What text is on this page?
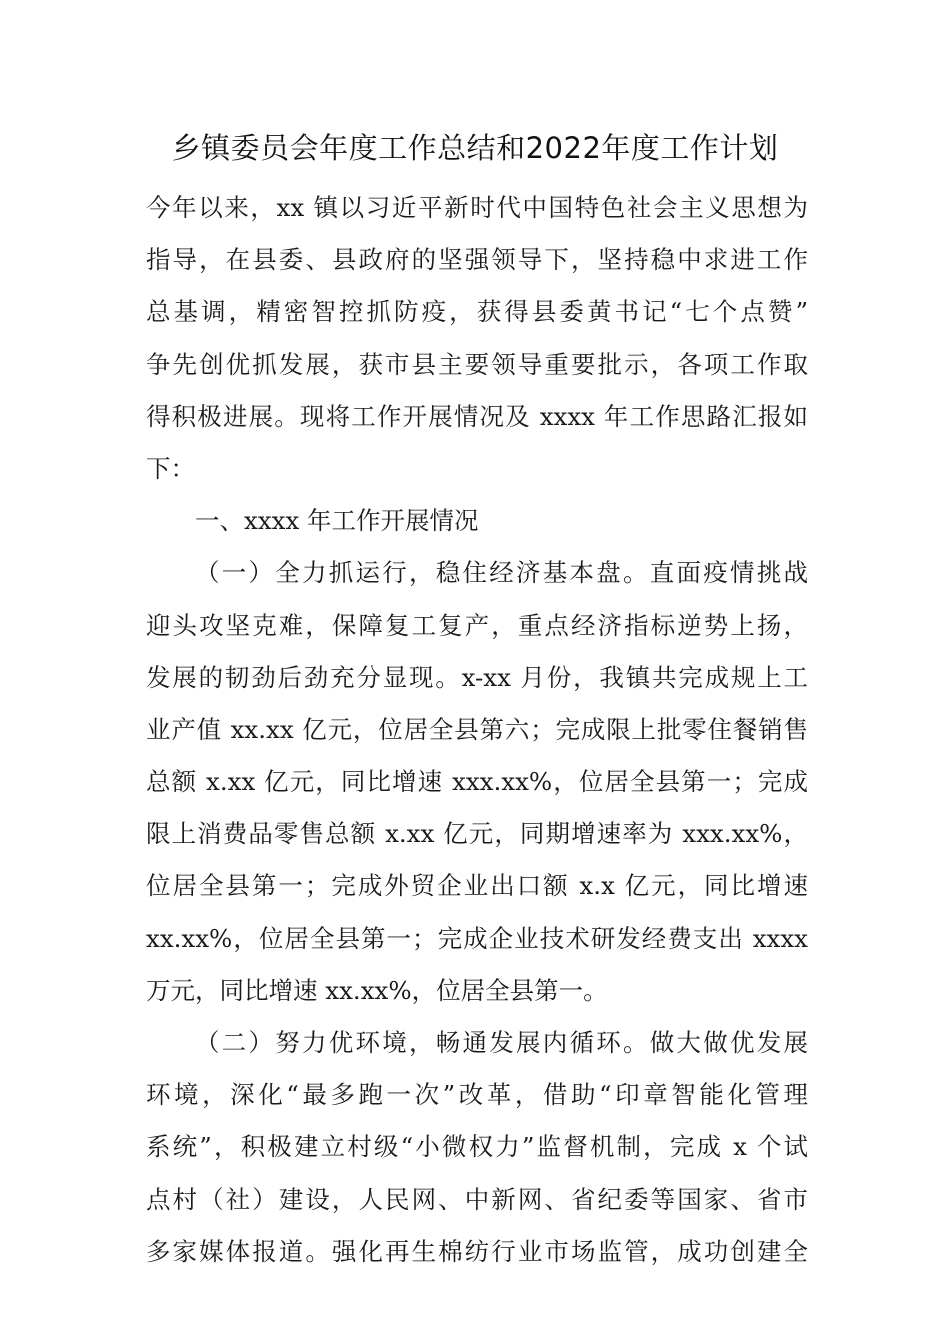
乡镇委员会年度工作总结和2022年度工作计划
今年以来，xx 镇以习近平新时代中国特色社会主义思想为
指导，在县委、县政府的坚强领导下，坚持稳中求进工作
总基调，精密智控抓防疫，获得县委黄书记“七个点赞”
争先创优抓发展，获市县主要领导重要批示，各项工作取
得积极进展。现将工作开展情况及 xxxx 年工作思路汇报如
下：
一、xxxx 年工作开展情况
（一）全力抓运行，稳住经济基本盘。直面疫情挑战
迎头攻坚克难，保障复工复产，重点经济指标逆势上扬，
发展的韧劲后劲充分显现。x-xx 月份，我镇共完成规上工
业产值 xx.xx 亿元，位居全县第六；完成限上批零住餐销售
总额 x.xx 亿元，同比增速 xxx.xx%，位居全县第一；完成
限上消费品零售总额 x.xx 亿元，同期增速率为 xxx.xx%，
位居全县第一；完成外贸企业出口额 x.x 亿元，同比增速
xx.xx%，位居全县第一；完成企业技术研发经费支出 xxxx
万元，同比增速 xx.xx%，位居全县第一。
（二）努力优环境，畅通发展内循环。做大做优发展
环境，深化“最多跑一次”改革，借助“印章智能化管理
系统”，积极建立村级“小微权力”监督机制，完成 x 个试
点村（社）建设，人民网、中新网、省纪委等国家、省市
多家媒体报道。强化再生棉纺行业市场监管，成功创建全
